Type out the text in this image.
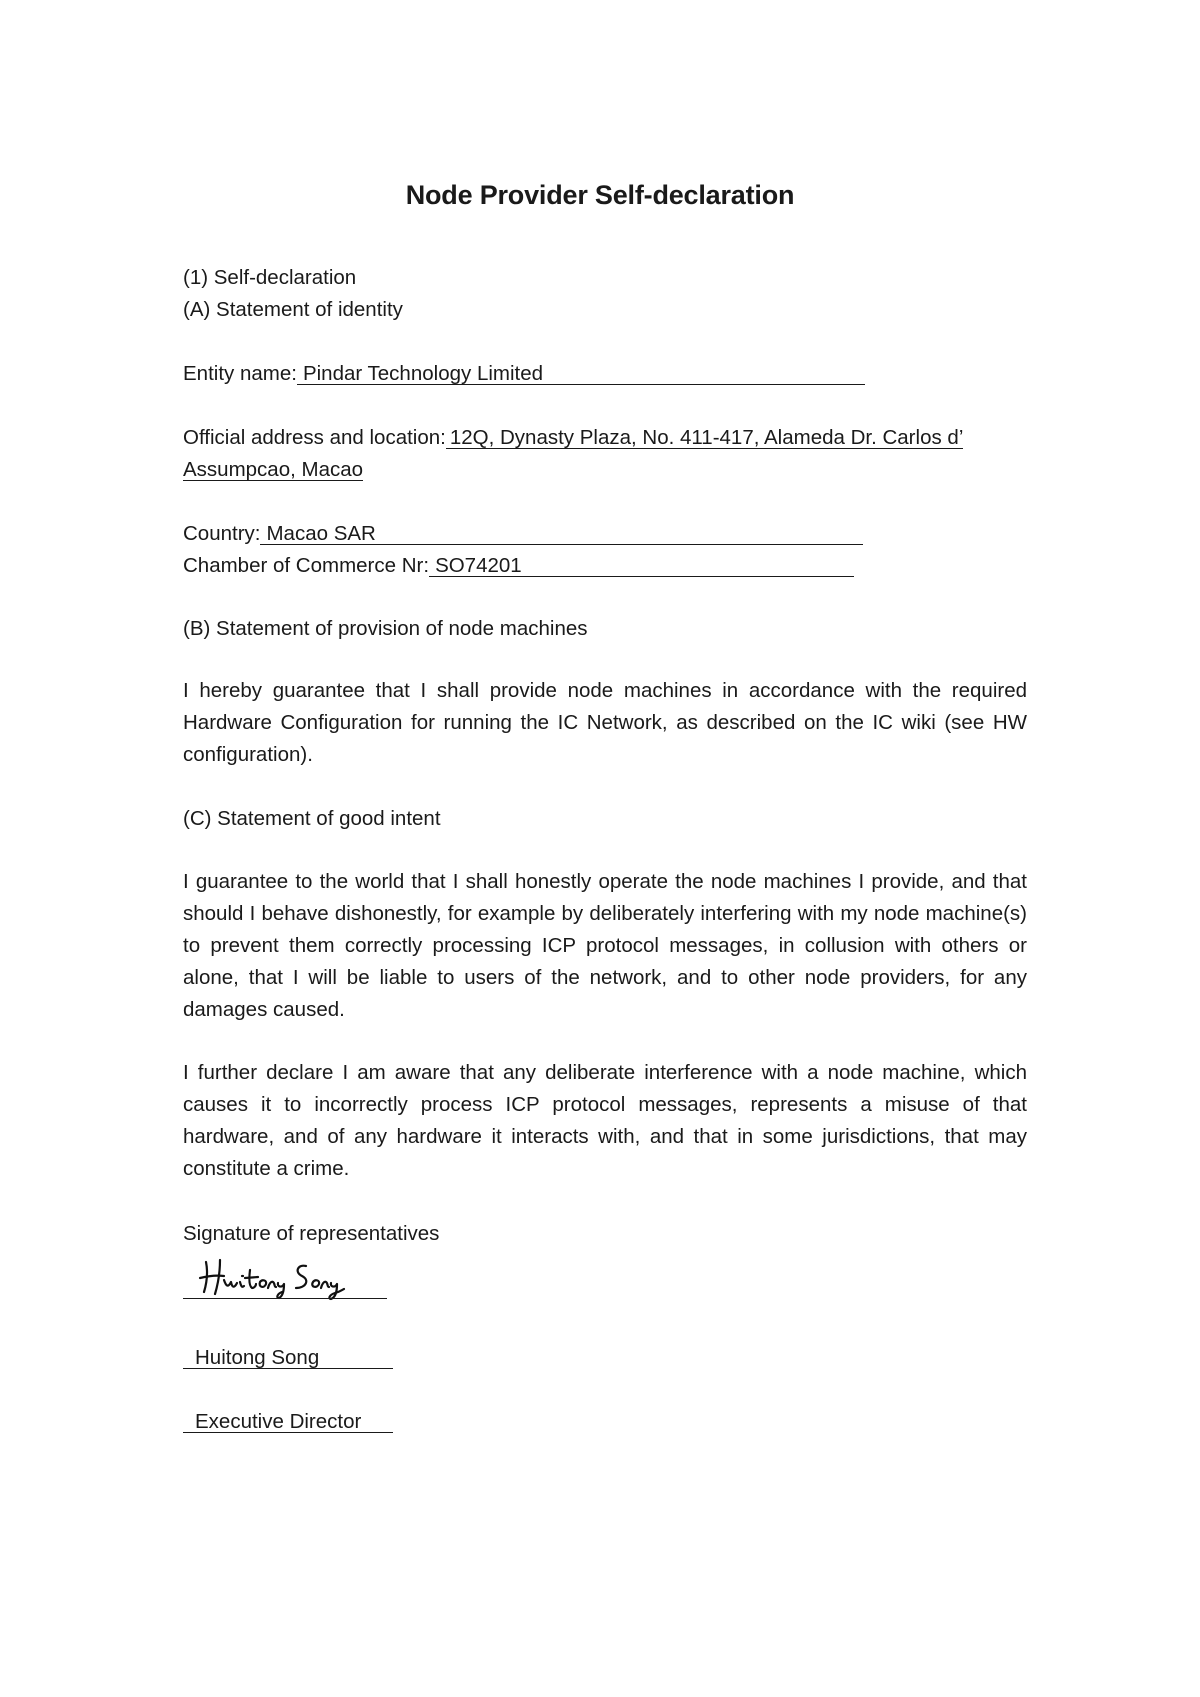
Node Provider Self-declaration
(1) Self-declaration
(A) Statement of identity
Entity name: Pindar Technology Limited
Official address and location: 12Q, Dynasty Plaza, No. 411-417, Alameda Dr. Carlos d’
Assumpcao, Macao
Country: Macao SAR
Chamber of Commerce Nr: SO74201
(B) Statement of provision of node machines
I hereby guarantee that I shall provide node machines in accordance with the required Hardware Configuration for running the IC Network, as described on the IC wiki (see HW configuration).
(C) Statement of good intent
I guarantee to the world that I shall honestly operate the node machines I provide, and that should I behave dishonestly, for example by deliberately interfering with my node machine(s) to prevent them correctly processing ICP protocol messages, in collusion with others or alone, that I will be liable to users of the network, and to other node providers, for any damages caused.
I further declare I am aware that any deliberate interference with a node machine, which causes it to incorrectly process ICP protocol messages, represents a misuse of that hardware, and of any hardware it interacts with, and that in some jurisdictions, that may constitute a crime.
Signature of representatives
Huitong Song
Executive Director
